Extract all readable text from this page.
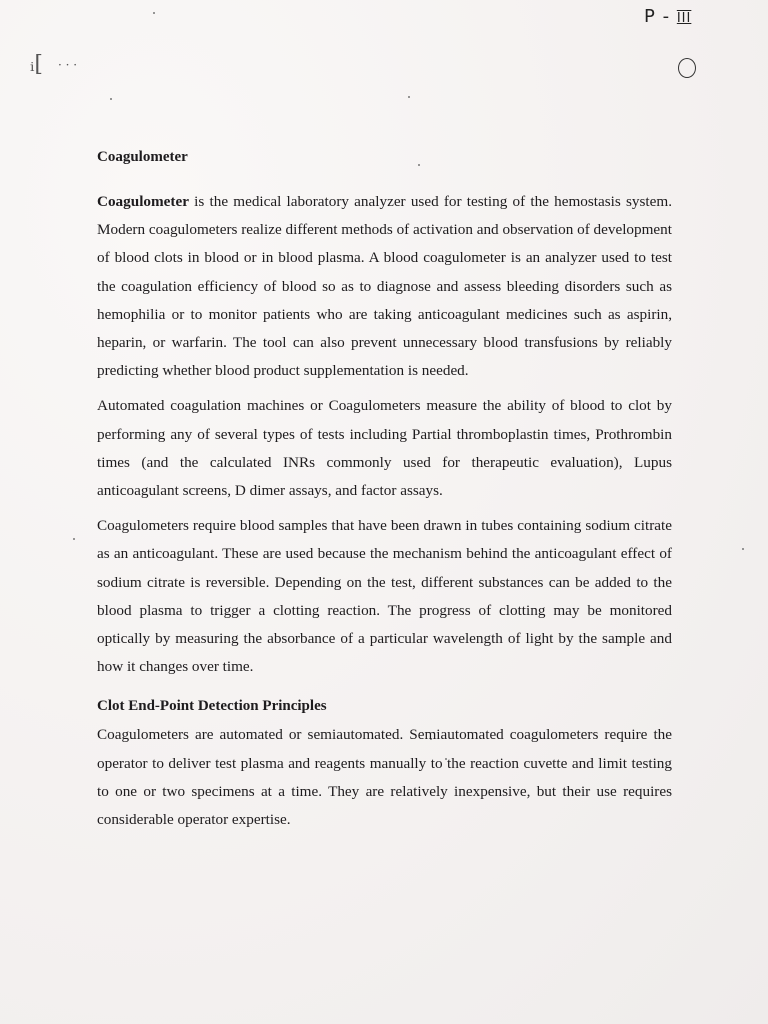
P - III
ᵢ[ · · ·
Coagulometer

Coagulometer is the medical laboratory analyzer used for testing of the hemostasis system. Modern coagulometers realize different methods of activation and observation of development of blood clots in blood or in blood plasma. A blood coagulometer is an analyzer used to test the coagulation efficiency of blood so as to diagnose and assess bleeding disorders such as hemophilia or to monitor patients who are taking anticoagulant medicines such as aspirin, heparin, or warfarin. The tool can also prevent unnecessary blood transfusions by reliably predicting whether blood product supplementation is needed.

Automated coagulation machines or Coagulometers measure the ability of blood to clot by performing any of several types of tests including Partial thromboplastin times, Prothrombin times (and the calculated INRs commonly used for therapeutic evaluation), Lupus anticoagulant screens, D dimer assays, and factor assays.

Coagulometers require blood samples that have been drawn in tubes containing sodium citrate as an anticoagulant. These are used because the mechanism behind the anticoagulant effect of sodium citrate is reversible. Depending on the test, different substances can be added to the blood plasma to trigger a clotting reaction. The progress of clotting may be monitored optically by measuring the absorbance of a particular wavelength of light by the sample and how it changes over time.

Clot End-Point Detection Principles

Coagulometers are automated or semiautomated. Semiautomated coagulometers require the operator to deliver test plasma and reagents manually to the reaction cuvette and limit testing to one or two specimens at a time. They are relatively inexpensive, but their use requires considerable operator expertise.
